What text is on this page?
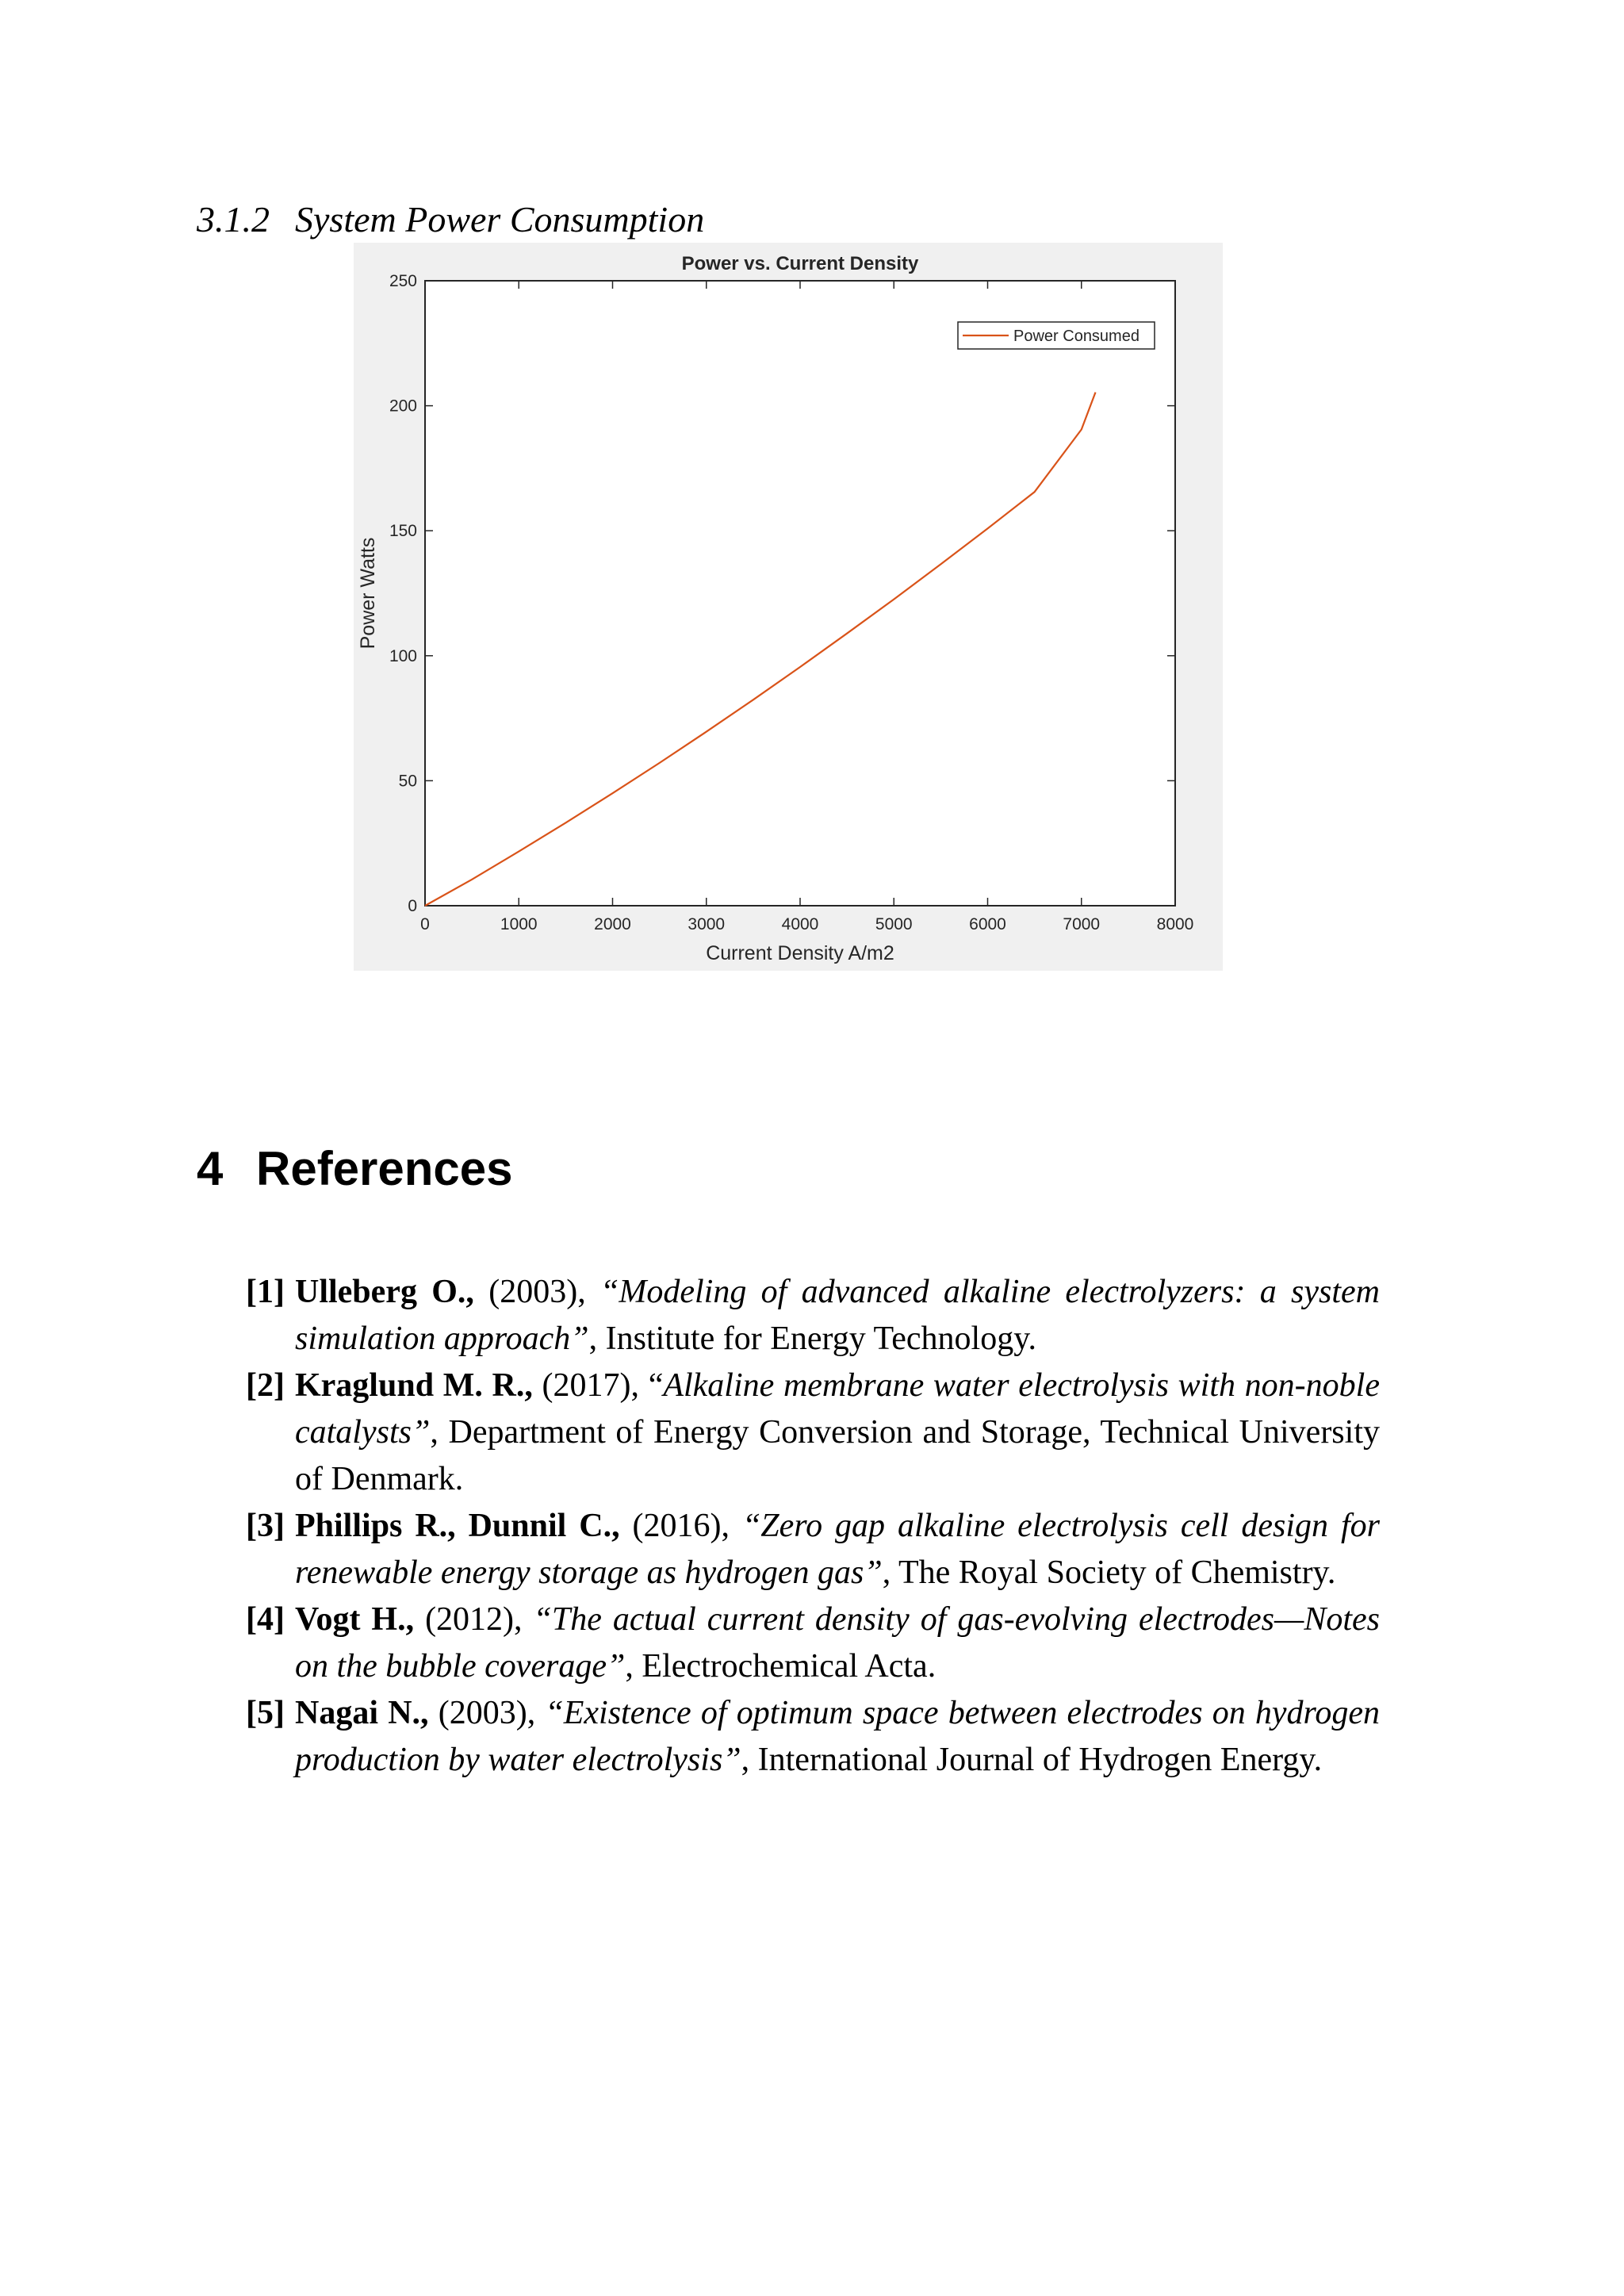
3.1.2 System Power Consumption
Power vs. Current Density
0	1000	2000	3000	4000	5000	6000	7000	8000
0
50
100
150
200
250
Power Consumed
Current Density A/m2
Power Watts
4 References

[1] Ulleberg O., (2003), “Modeling of advanced alkaline electrolyzers: a system simulation approach”, Institute for Energy Technology.

[2] Kraglund M. R., (2017), “Alkaline membrane water electrolysis with non-noble catalysts”, Department of Energy Conversion and Storage, Technical University of Denmark.

[3] Phillips R., Dunnil C., (2016), “Zero gap alkaline electrolysis cell design for renewable energy storage as hydrogen gas”, The Royal Society of Chemistry.

[4] Vogt H., (2012), “The actual current density of gas-evolving electrodes—Notes on the bubble coverage”, Electrochemical Acta.

[5] Nagai N., (2003), “Existence of optimum space between electrodes on hydrogen production by water electrolysis”, International Journal of Hydrogen Energy.
